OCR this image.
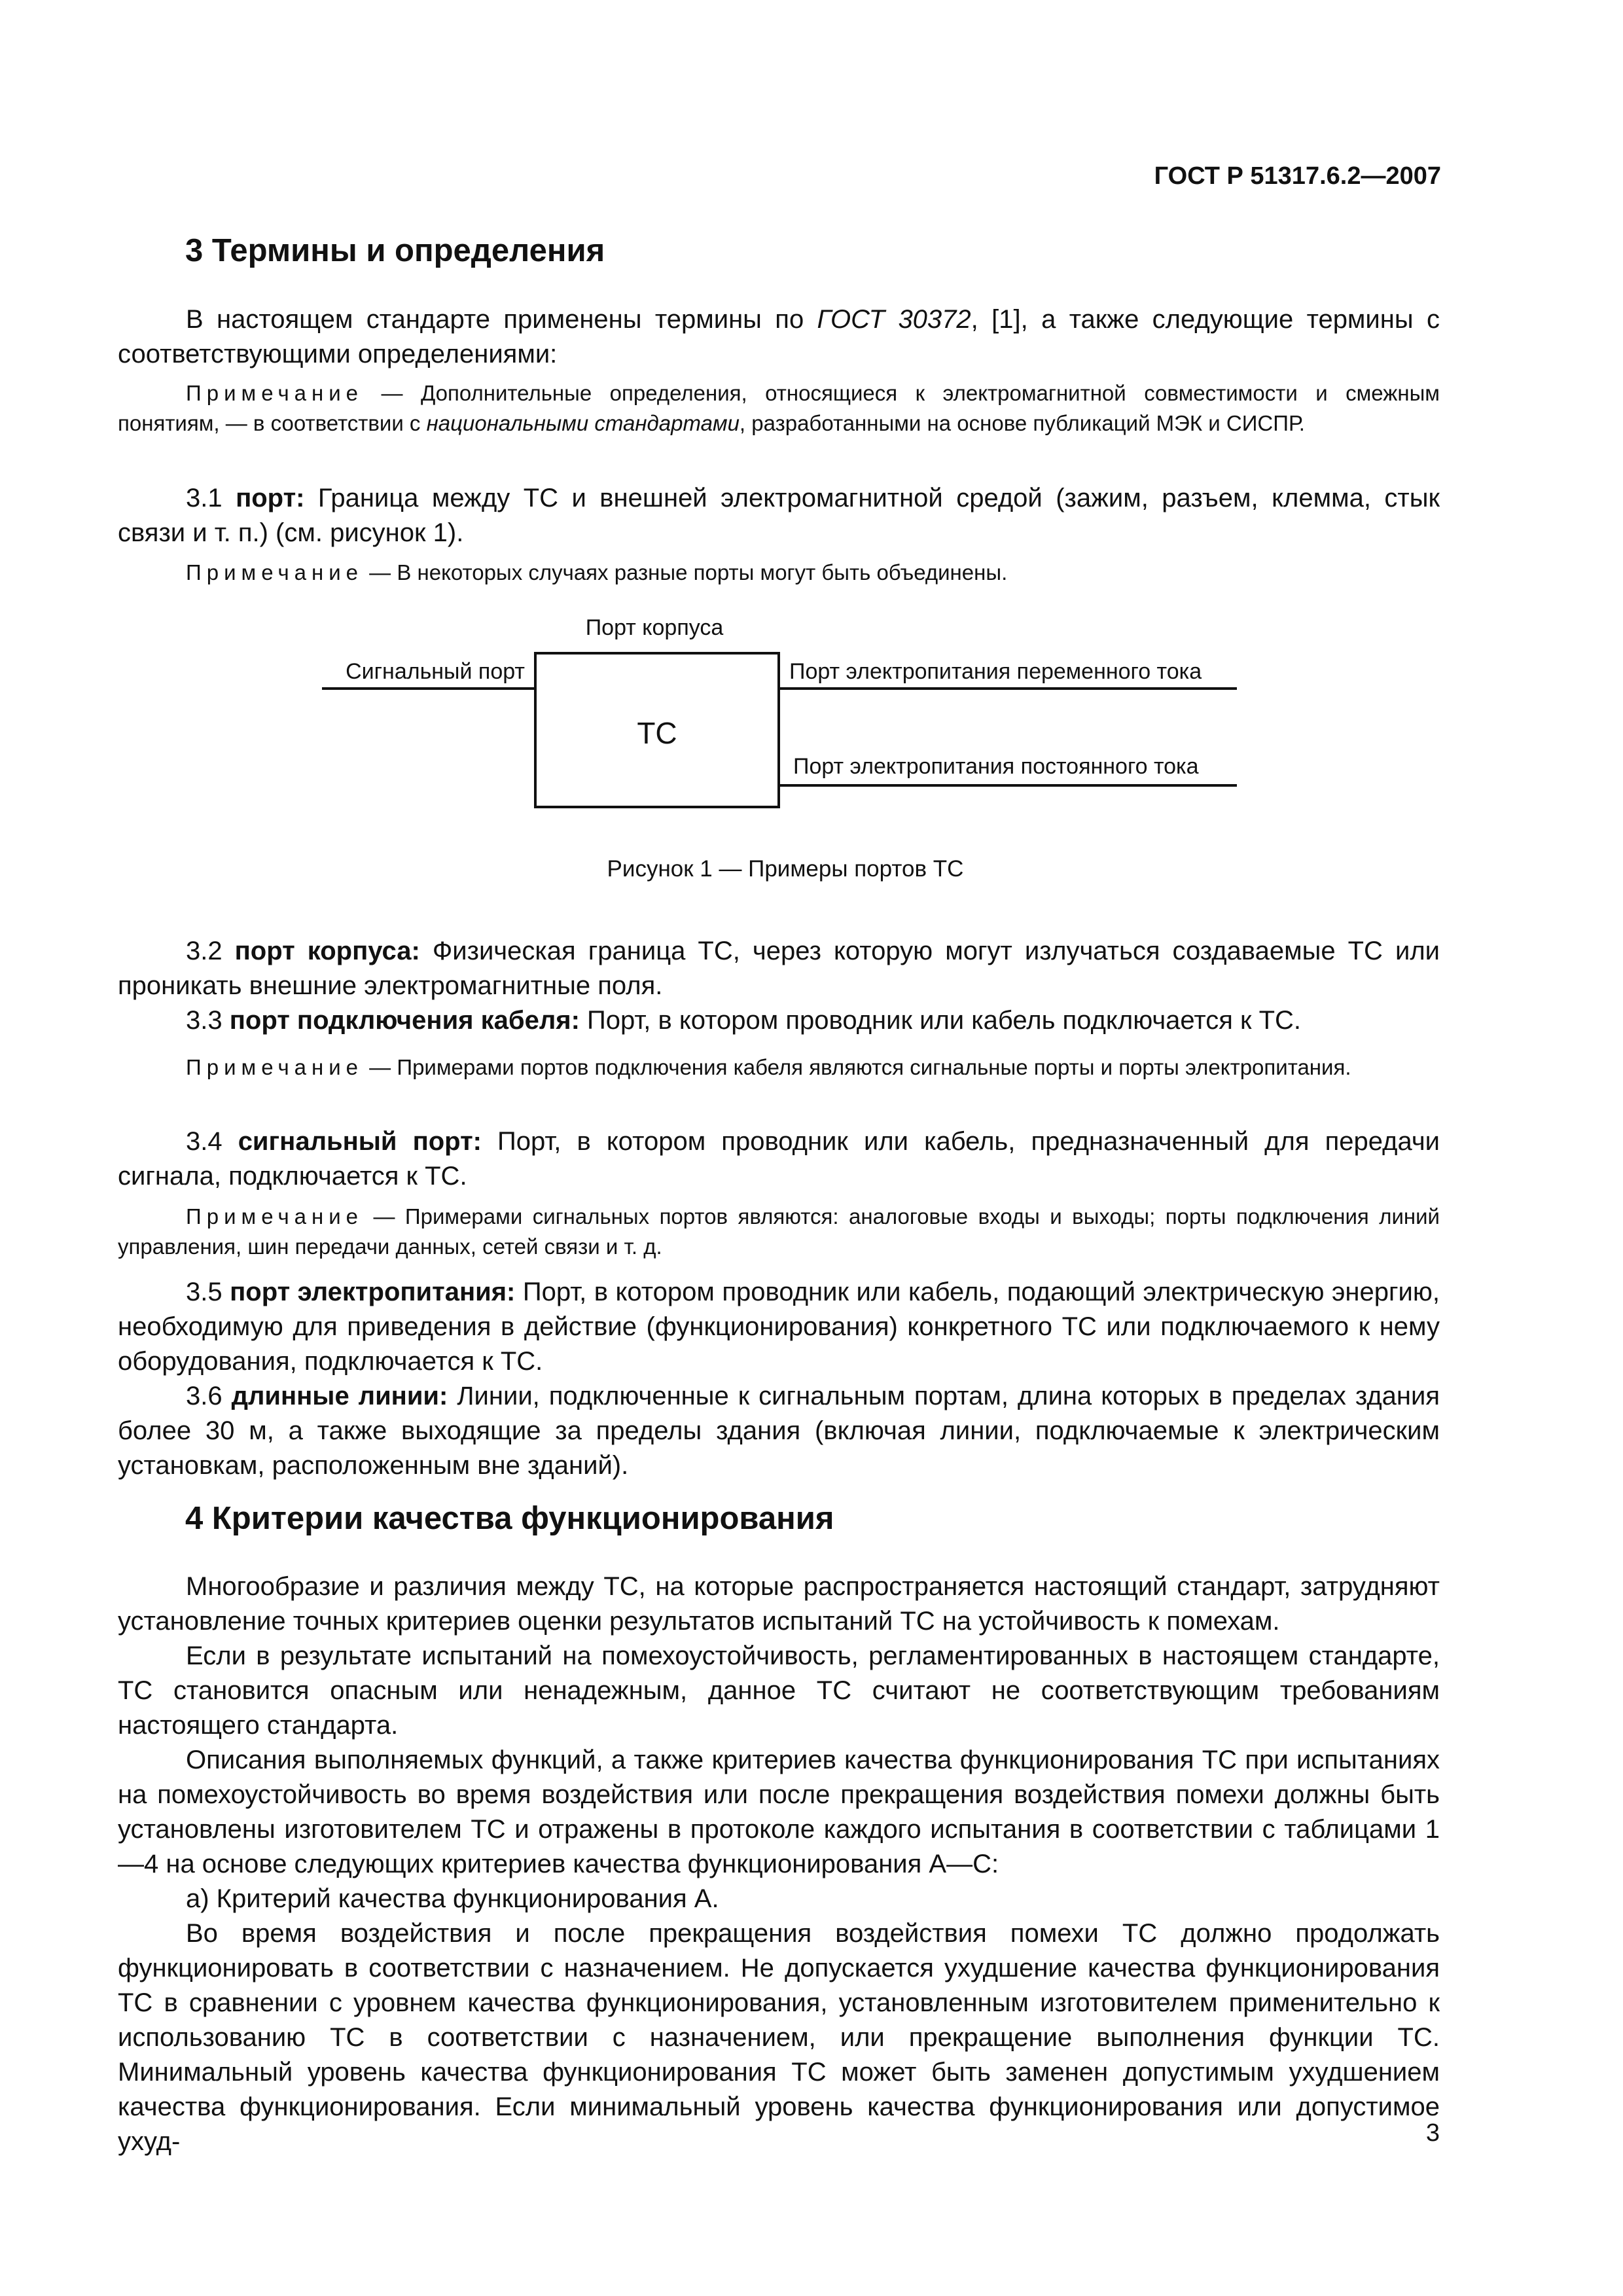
ГОСТ Р 51317.6.2—2007
3 Термины и определения
В настоящем стандарте применены термины по ГОСТ 30372, [1], а также следующие термины с соответствующими определениями:
Примечание — Дополнительные определения, относящиеся к электромагнитной совместимости и смежным понятиям, — в соответствии с национальными стандартами, разработанными на основе публикаций МЭК и СИСПР.
3.1 порт: Граница между ТС и внешней электромагнитной средой (зажим, разъем, клемма, стык связи и т. п.) (см. рисунок 1).
Примечание — В некоторых случаях разные порты могут быть объединены.
Порт корпуса
ТС
Сигнальный порт	Порт электропитания переменного тока
Порт электропитания постоянного тока
Рисунок 1 — Примеры портов ТС

3.2 порт корпуса: Физическая граница ТС, через которую могут излучаться создаваемые ТС или проникать внешние электромагнитные поля.

3.3 порт подключения кабеля: Порт, в котором проводник или кабель подключается к ТС.

Примечание — Примерами портов подключения кабеля являются сигнальные порты и порты электропитания.
3.4 сигнальный порт: Порт, в котором проводник или кабель, предназначенный для передачи сигнала, подключается к ТС.
Примечание — Примерами сигнальных портов являются: аналоговые входы и выходы; порты подключения линий управления, шин передачи данных, сетей связи и т. д.

3.5 порт электропитания: Порт, в котором проводник или кабель, подающий электрическую энергию, необходимую для приведения в действие (функционирования) конкретного ТС или подключаемого к нему оборудования, подключается к ТС.

3.6 длинные линии: Линии, подключенные к сигнальным портам, длина которых в пределах здания более 30 м, а также выходящие за пределы здания (включая линии, подключаемые к электрическим установкам, расположенным вне зданий).

4 Критерии качества функционирования

Многообразие и различия между ТС, на которые распространяется настоящий стандарт, затрудняют установление точных критериев оценки результатов испытаний ТС на устойчивость к помехам.

Если в результате испытаний на помехоустойчивость, регламентированных в настоящем стандарте, ТС становится опасным или ненадежным, данное ТС считают не соответствующим требованиям настоящего стандарта.

Описания выполняемых функций, а также критериев качества функционирования ТС при испытаниях на помехоустойчивость во время воздействия или после прекращения воздействия помехи должны быть установлены изготовителем ТС и отражены в протоколе каждого испытания в соответствии с таблицами 1—4 на основе следующих критериев качества функционирования А—С:

а) Критерий качества функционирования А.

Во время воздействия и после прекращения воздействия помехи ТС должно продолжать функционировать в соответствии с назначением. Не допускается ухудшение качества функционирования ТС в сравнении с уровнем качества функционирования, установленным изготовителем применительно к использованию ТС в соответствии с назначением, или прекращение выполнения функции ТС. Минимальный уровень качества функционирования ТС может быть заменен допустимым ухудшением качества функционирования. Если минимальный уровень качества функционирования или допустимое ухуд-	3
